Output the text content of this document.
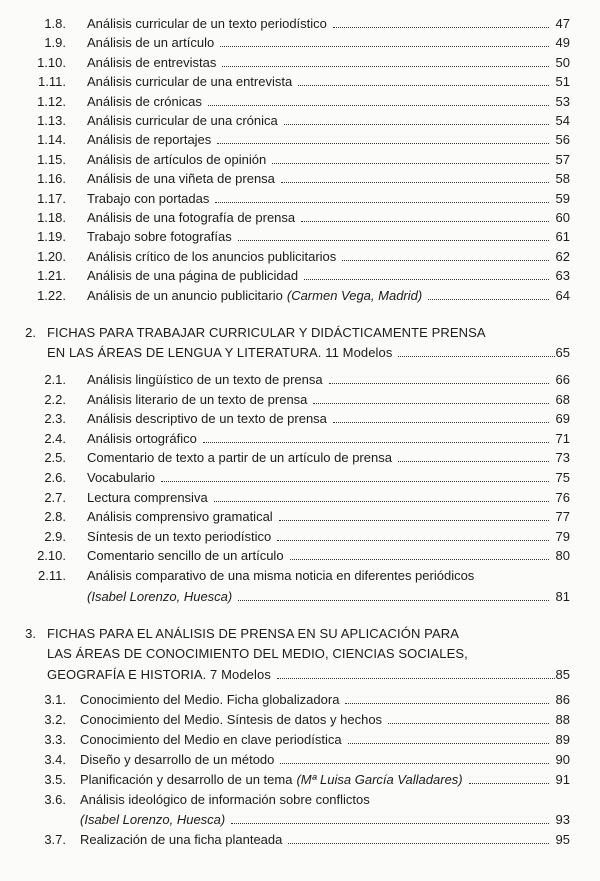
1.8. Análisis curricular de un texto periodístico	47
1.9. Análisis de un artículo	49
1.10. Análisis de entrevistas	50
1.11. Análisis curricular de una entrevista	51
1.12. Análisis de crónicas	53
1.13. Análisis curricular de una crónica	54
1.14. Análisis de reportajes	56
1.15. Análisis de artículos de opinión	57
1.16. Análisis de una viñeta de prensa	58
1.17. Trabajo con portadas	59
1.18. Análisis de una fotografía de prensa	60
1.19. Trabajo sobre fotografías	61
1.20. Análisis crítico de los anuncios publicitarios	62
1.21. Análisis de una página de publicidad	63
1.22. Análisis de un anuncio publicitario (Carmen Vega, Madrid)	64
2. FICHAS PARA TRABAJAR CURRICULAR Y DIDÁCTICAMENTE PRENSA
EN LAS ÁREAS DE LENGUA Y LITERATURA. 11 Modelos	65
2.1. Análisis lingüístico de un texto de prensa	66
2.2. Análisis literario de un texto de prensa	68
2.3. Análisis descriptivo de un texto de prensa	69
2.4. Análisis ortográfico	71
2.5. Comentario de texto a partir de un artículo de prensa	73
2.6. Vocabulario	75
2.7. Lectura comprensiva	76
2.8. Análisis comprensivo gramatical	77
2.9. Síntesis de un texto periodístico	79
2.10. Comentario sencillo de un artículo	80
2.11. Análisis comparativo de una misma noticia en diferentes periódicos
(Isabel Lorenzo, Huesca)	81
3. FICHAS PARA EL ANÁLISIS DE PRENSA EN SU APLICACIÓN PARA
LAS ÁREAS DE CONOCIMIENTO DEL MEDIO, CIENCIAS SOCIALES,
GEOGRAFÍA E HISTORIA. 7 Modelos	85
3.1. Conocimiento del Medio. Ficha globalizadora	86
3.2. Conocimiento del Medio. Síntesis de datos y hechos	88
3.3. Conocimiento del Medio en clave periodística	89
3.4. Diseño y desarrollo de un método	90
3.5. Planificación y desarrollo de un tema (Mª Luisa García Valladares)	91
3.6. Análisis ideológico de información sobre conflictos
(Isabel Lorenzo, Huesca)	93
3.7. Realización de una ficha planteada	95
